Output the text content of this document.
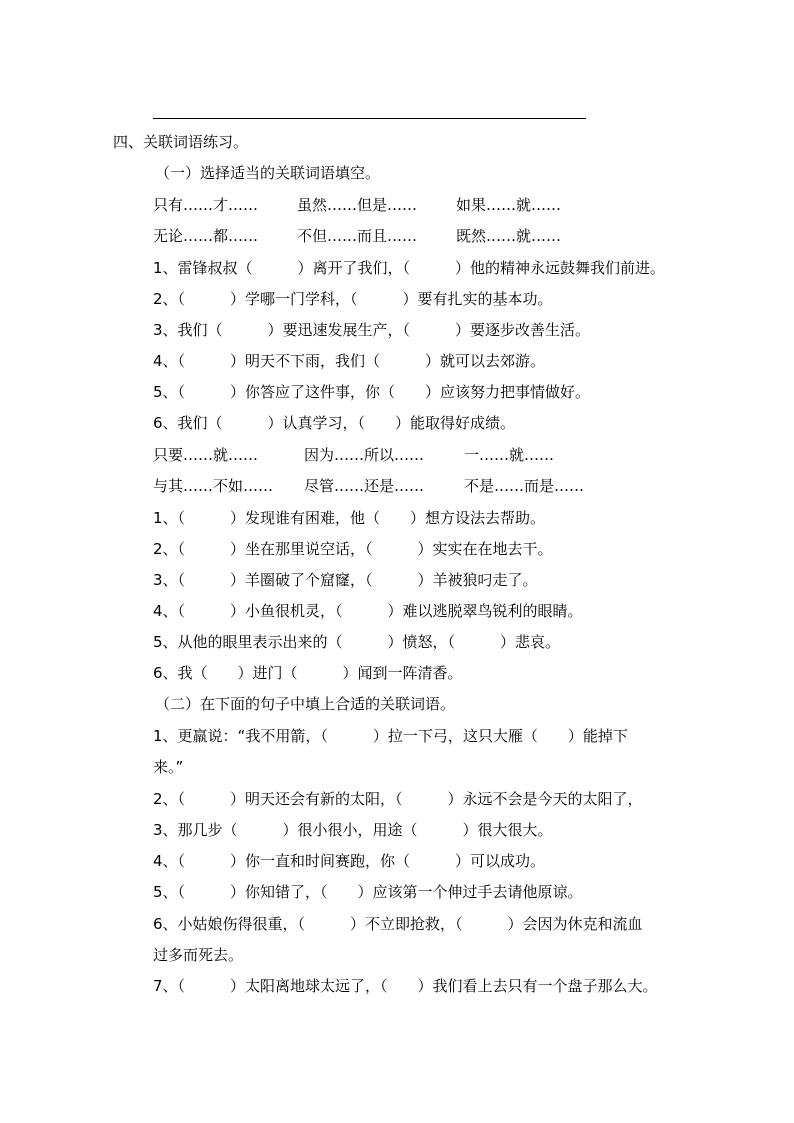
四、关联词语练习。
（一）选择适当的关联词语填空。
只有……才……	虽然……但是……	如果……就……
无论……都……	不但……而且……	既然……就……
1、雷锋叔叔（　　　）离开了我们，（　　　）他的精神永远鼓舞我们前进。
2、（　　　）学哪一门学科，（　　　）要有扎实的基本功。
3、我们（　　　）要迅速发展生产，（　　　）要逐步改善生活。
4、（　　　）明天不下雨，我们（　　　）就可以去郊游。
5、（　　　）你答应了这件事，你（　　）应该努力把事情做好。
6、我们（　　　）认真学习，（　　）能取得好成绩。
只要……就……	因为……所以……	一……就……
与其……不如…… 尽管……还是……	不是……而是……
1、（　　　）发现谁有困难，他（　　）想方设法去帮助。
2、（　　　）坐在那里说空话，（　　　）实实在在地去干。
3、（　　　）羊圈破了个窟窿，（　　　）羊被狼叼走了。
4、（　　　）小鱼很机灵，（　　　）难以逃脱翠鸟锐利的眼睛。
5、从他的眼里表示出来的（　　　）愤怒，（　　　）悲哀。
6、我（　　）进门（　　　）闻到一阵清香。
（二）在下面的句子中填上合适的关联词语。
1、更羸说：“我不用箭，（　　　）拉一下弓，这只大雁（　　）能掉下
来。”
2、（　　　）明天还会有新的太阳，（　　　）永远不会是今天的太阳了，
3、那几步（　　　）很小很小，用途（　　　）很大很大。
4、（　　　）你一直和时间赛跑，你（　　　）可以成功。
5、（　　　）你知错了，（　　）应该第一个伸过手去请他原谅。
6、小姑娘伤得很重，（　　　）不立即抢救，（　　　）会因为休克和流血
过多而死去。
7、（　　　）太阳离地球太远了，（　　）我们看上去只有一个盘子那么大。
